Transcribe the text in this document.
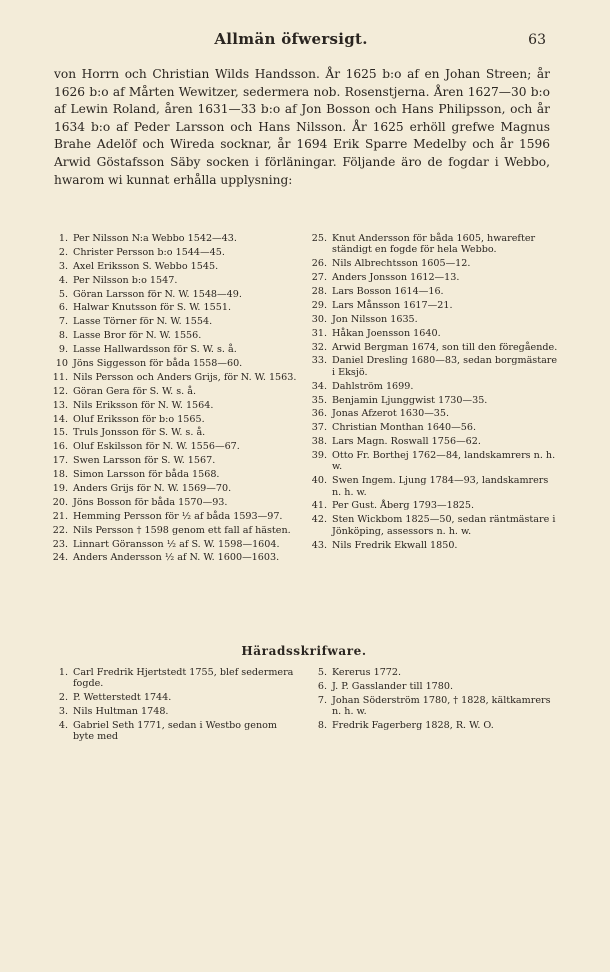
Allmän öfwersigt.	63

von Horrn och Christian Wilds Handsson. År 1625 b:o af en Johan Streen; år 1626 b:o af Mårten Wewitzer, sedermera nob. Rosenstjerna. Åren 1627—30 b:o af Lewin Roland, åren 1631—33 b:o af Jon Bosson och Hans Philipsson, och år 1634 b:o af Peder Larsson och Hans Nilsson. År 1625 erhöll grefwe Magnus Brahe Adelöf och Wireda socknar, år 1694 Erik Sparre Medelby och år 1596 Arwid Göstafsson Säby socken i förläningar. Följande äro de fogdar i Webbo, hwarom wi kunnat erhålla upplysning:

1. Per Nilsson N:a Webbo 1542—43.
2. Christer Persson b:o 1544—45.
3. Axel Eriksson S. Webbo 1545.
4. Per Nilsson b:o 1547.
5. Göran Larsson för N. W. 1548—49.
6. Halwar Knutsson för S. W. 1551.
7. Lasse Törner för N. W. 1554.
8. Lasse Bror för N. W. 1556.
9. Lasse Hallwardsson för S. W. s. å.
10 Jöns Siggesson för båda 1558—60.
11. Nils Persson och Anders Grijs, för N. W. 1563.
12. Göran Gera för S. W. s. å.
13. Nils Eriksson för N. W. 1564.
14. Oluf Eriksson för b:o 1565.
15. Truls Jonsson för S. W. s. å.
16. Oluf Eskilsson för N. W. 1556—67.
17. Swen Larsson för S. W. 1567.
18. Simon Larsson för båda 1568.
19. Anders Grijs för N. W. 1569—70.
20. Jöns Bosson för båda 1570—93.
21. Hemming Persson för ½ af båda 1593—97.
22. Nils Persson † 1598 genom ett fall af hästen.
23. Linnart Göransson ½ af S. W. 1598—1604.
24. Anders Andersson ½ af N. W. 1600—1603.
25. Knut Andersson för båda 1605, hwarefter ständigt en fogde för hela Webbo.
26. Nils Albrechtsson 1605—12.
27. Anders Jonsson 1612—13.
28. Lars Bosson 1614—16.
29. Lars Månsson 1617—21.
30. Jon Nilsson 1635.
31. Håkan Joensson 1640.
32. Arwid Bergman 1674, son till den föregående.
33. Daniel Dresling 1680—83, sedan borgmästare i Eksjö.
34. Dahlström 1699.
35. Benjamin Ljunggwist 1730—35.
36. Jonas Afzerot 1630—35.
37. Christian Monthan 1640—56.
38. Lars Magn. Roswall 1756—62.
39. Otto Fr. Borthej 1762—84, landskamrers n. h. w.
40. Swen Ingem. Ljung 1784—93, landskamrers n. h. w.
41. Per Gust. Åberg 1793—1825.
42. Sten Wickbom 1825—50, sedan räntmästare i Jönköping, assessors n. h. w.
43. Nils Fredrik Ekwall 1850.
Häradsskrifware.
1. Carl Fredrik Hjertstedt 1755, blef sedermera fogde.
2. P. Wetterstedt 1744.
3. Nils Hultman 1748.
4. Gabriel Seth 1771, sedan i Westbo genom byte med
5. Kererus 1772.
6. J. P. Gasslander till 1780.
7. Johan Söderström 1780, † 1828, kältkamrers n. h. w.
8. Fredrik Fagerberg 1828, R. W. O.
